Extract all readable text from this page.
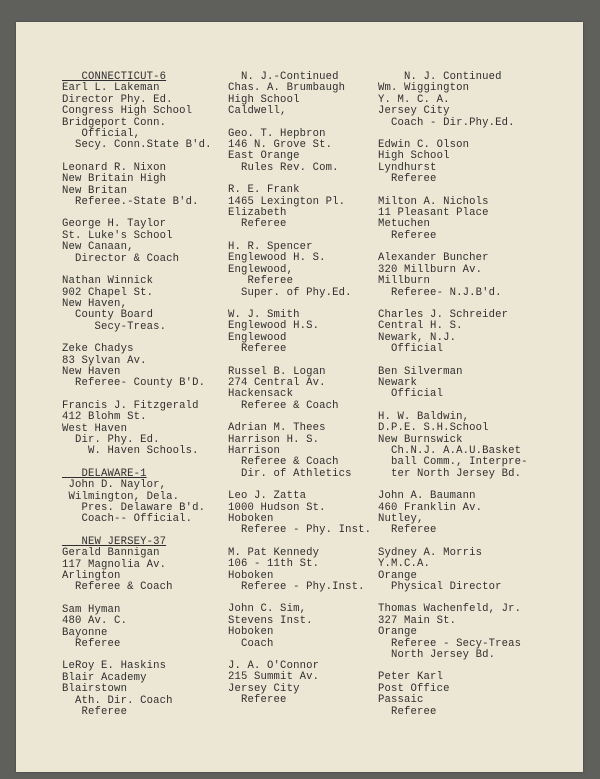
CONNECTICUT-6
Earl L. Lakeman
Director Phy. Ed.
Congress High School
Bridgeport Conn.
Official,
Secy. Conn.State B'd.
Leonard R. Nixon
New Britain High
New Britan
Referee.-State B'd.
George H. Taylor
St. Luke's School
New Canaan,
Director & Coach
Nathan Winnick
902 Chapel St.
New Haven,
County Board
Secy-Treas.
Zeke Chadys
83 Sylvan Av.
New Haven
Referee- County B'D.
Francis J. Fitzgerald
412 Blohm St.
West Haven
Dir. Phy. Ed.
W. Haven Schools.
DELAWARE-1
John D. Naylor,
Wilmington, Dela.
Pres. Delaware B'd.
Coach-- Official.
NEW JERSEY-37
Gerald Bannigan
117 Magnolia Av.
Arlington
Referee & Coach
Sam Hyman
480 Av. C.
Bayonne
Referee
LeRoy E. Haskins
Blair Academy
Blairstown
Ath. Dir. Coach
Referee
N. J.-Continued
Chas. A. Brumbaugh
High School
Caldwell,
Geo. T. Hepbron
146 N. Grove St.
East Orange
Rules Rev. Com.
R. E. Frank
1465 Lexington Pl.
Elizabeth
Referee
H. R. Spencer
Englewood H. S.
Englewood,
Referee
Super. of Phy.Ed.
W. J. Smith
Englewood H.S.
Englewood
Referee
Russel B. Logan
274 Central Av.
Hackensack
Referee & Coach
Adrian M. Thees
Harrison H. S.
Harrison
Referee & Coach
Dir. of Athletics
Leo J. Zatta
1000 Hudson St.
Hoboken
Referee - Phy. Inst.
M. Pat Kennedy
106 - 11th St.
Hoboken
Referee - Phy.Inst.
John C. Sim,
Stevens Inst.
Hoboken
Coach
J. A. O'Connor
215 Summit Av.
Jersey City
Referee
N. J. Continued
Wm. Wiggington
Y. M. C. A.
Jersey City
Coach - Dir.Phy.Ed.
Edwin C. Olson
High School
Lyndhurst
Referee
Milton A. Nichols
11 Pleasant Place
Metuchen
Referee
Alexander Buncher
320 Millburn Av.
Millburn
Referee- N.J.B'd.
Charles J. Schreider
Central H. S.
Newark, N.J.
Official
Ben Silverman
Newark
Official
H. W. Baldwin,
D.P.E. S.H.School
New Burnswick
Ch.N.J. A.A.U.Basket
ball Comm., Interpre-
ter North Jersey Bd.
John A. Baumann
460 Franklin Av.
Nutley,
Referee
Sydney A. Morris
Y.M.C.A.
Orange
Physical Director
Thomas Wachenfeld, Jr.
327 Main St.
Orange
Referee - Secy-Treas
North Jersey Bd.
Peter Karl
Post Office
Passaic
Referee
